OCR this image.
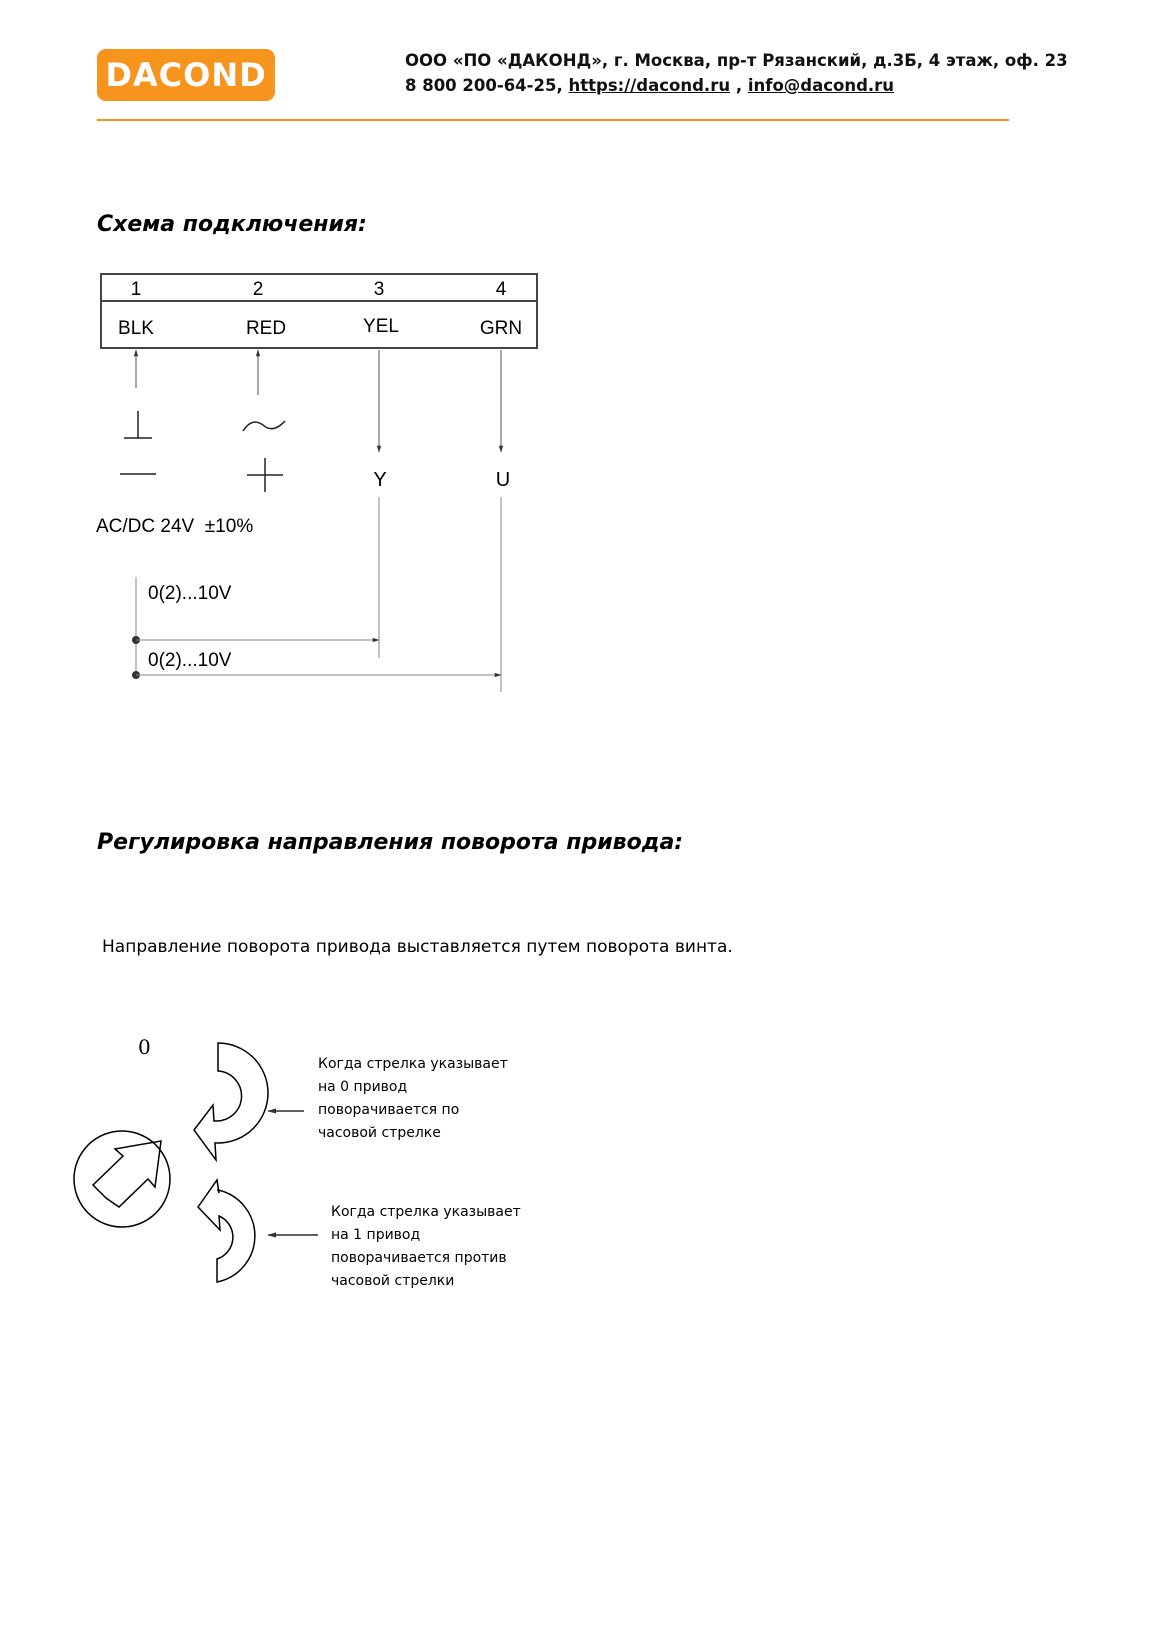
DACOND	ООО «ПО «ДАКОНД», г. Москва, пр-т Рязанский, д.3Б, 4 этаж, оф. 23
8 800 200-64-25, https://dacond.ru , info@dacond.ru
Схема подключения:
1	2	3	4
BLK	RED	YEL	GRN
Y	U
AC/DC 24V  ±10%
0(2)...10V
0(2)...10V
Регулировка направления поворота привода:
Направление поворота привода выставляется путем поворота винта.
0
Когда стрелка указывает
на 0 привод
поворачивается по
часовой стрелке
Когда стрелка указывает
на 1 привод
поворачивается против
часовой стрелки
